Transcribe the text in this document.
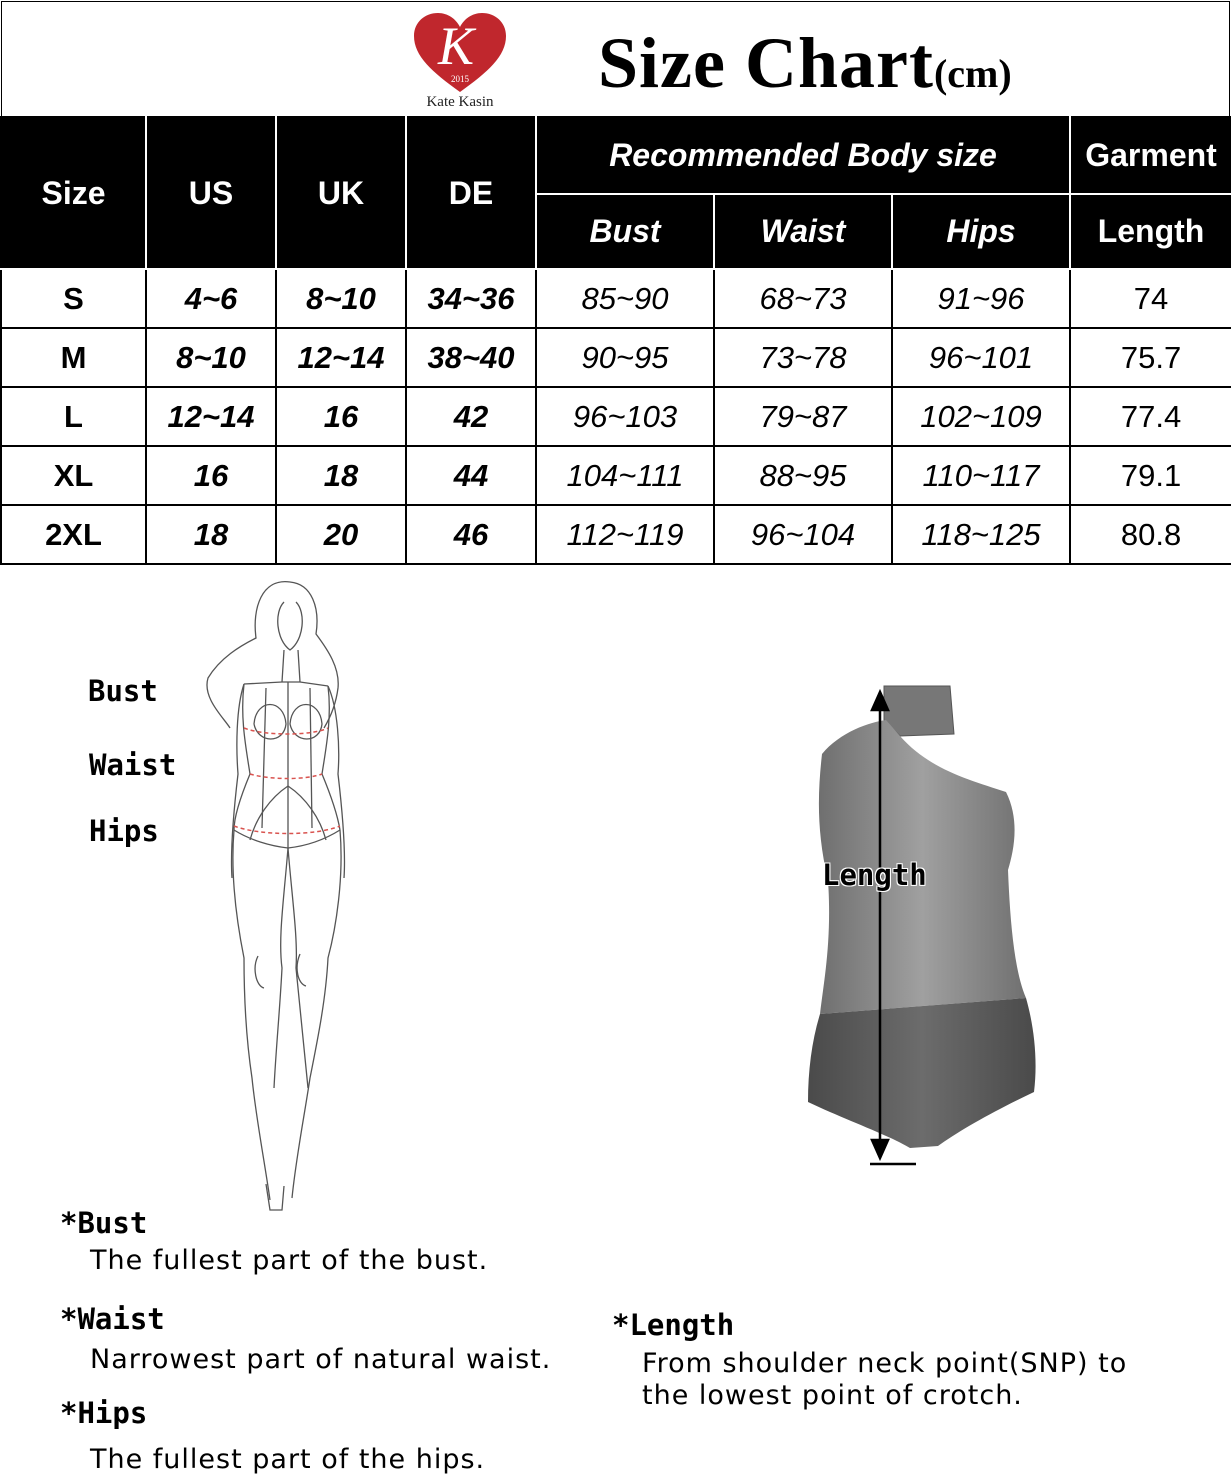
K
2015
Kate Kasin Size Chart(cm)
Size	US	UK	DE	Recommended Body size			Garment
				Bust	Waist	Hips	Length
S	4~6	8~10	34~36	85~90	68~73	91~96	74
M	8~10	12~14	38~40	90~95	73~78	96~101	75.7
L	12~14	16	42	96~103	79~87	102~109	77.4
XL	16	18	44	104~111	88~95	110~117	79.1
2XL	18	20	46	112~119	96~104	118~125	80.8
Bust
Waist
Hips
Length
*Bust
The fullest part of the bust.
*Waist
Narrowest part of natural waist.
*Hips
The fullest part of the hips.
*Length
From shoulder neck point(SNP) to
the lowest point of crotch.
